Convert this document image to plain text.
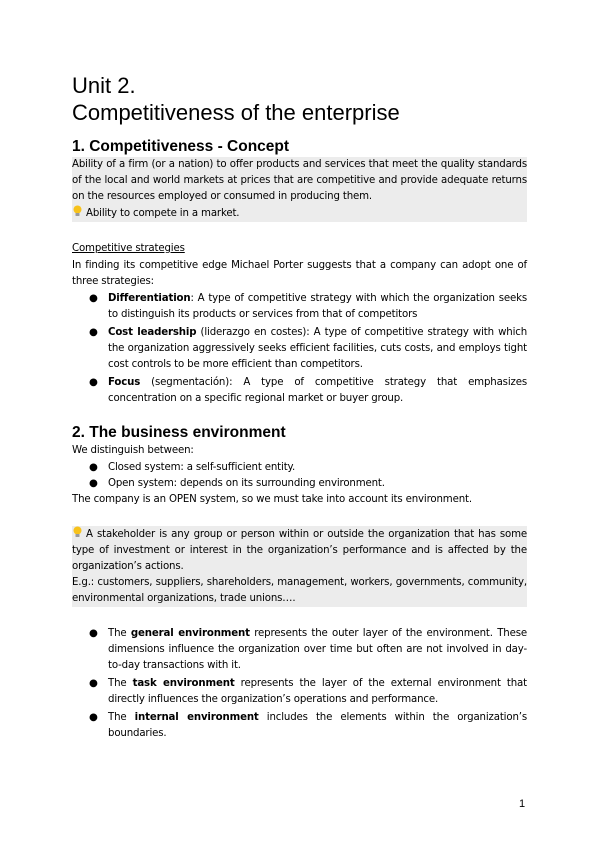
Unit 2.
Competitiveness of the enterprise
1. Competitiveness - Concept
Ability of a firm (or a nation) to offer products and services that meet the quality standards of the local and world markets at prices that are competitive and provide adequate returns on the resources employed or consumed in producing them.
Ability to compete in a market.
Competitive strategies
In finding its competitive edge Michael Porter suggests that a company can adopt one of three strategies:
● Differentiation: A type of competitive strategy with which the organization seeks to distinguish its products or services from that of competitors
● Cost leadership (liderazgo en costes): A type of competitive strategy with which the organization aggressively seeks efficient facilities, cuts costs, and employs tight cost controls to be more efficient than competitors.
● Focus (segmentación): A type of competitive strategy that emphasizes concentration on a specific regional market or buyer group.
2. The business environment
We distinguish between:
● Closed system: a self-sufficient entity.
● Open system: depends on its surrounding environment.
The company is an OPEN system, so we must take into account its environment.
A stakeholder is any group or person within or outside the organization that has some type of investment or interest in the organization’s performance and is affected by the organization’s actions.
E.g.: customers, suppliers, shareholders, management, workers, governments, community, environmental organizations, trade unions….
● The general environment represents the outer layer of the environment. These dimensions influence the organization over time but often are not involved in day-to-day transactions with it.
● The task environment represents the layer of the external environment that directly influences the organization’s operations and performance.
● The internal environment includes the elements within the organization’s boundaries.
1
